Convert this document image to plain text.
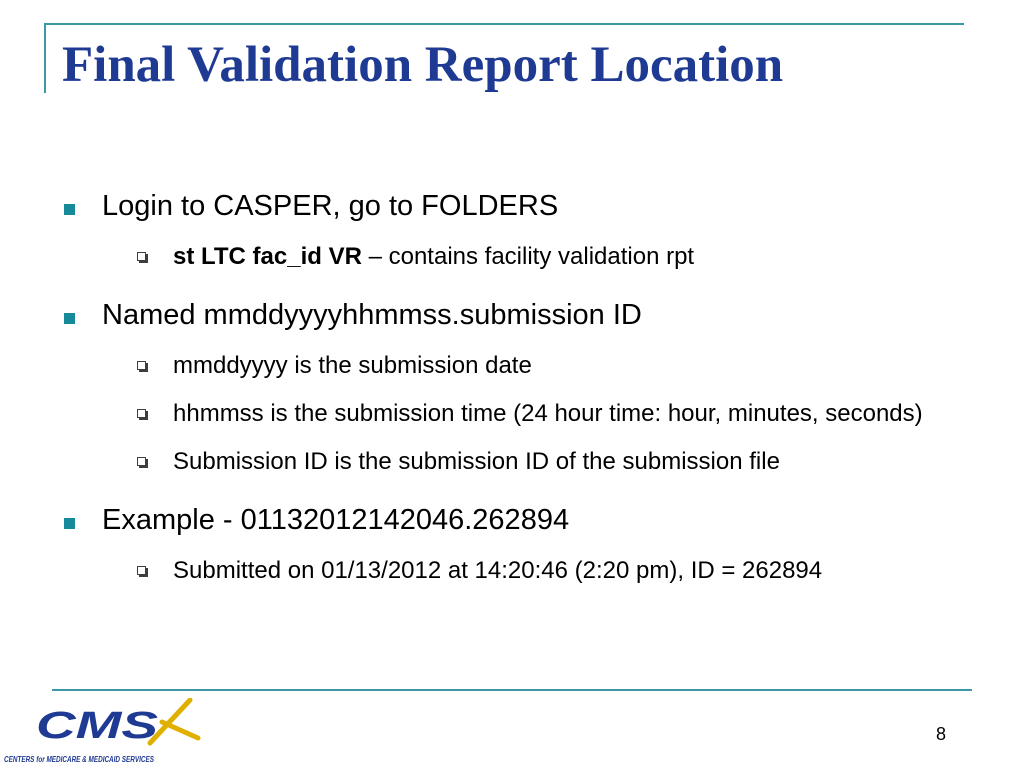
Final Validation Report Location
Login to CASPER, go to FOLDERS
st LTC fac_id VR – contains facility validation rpt
Named mmddyyyyhhmmss.submission ID
mmddyyyy is the submission date
hhmmss is the submission time (24 hour time: hour, minutes, seconds)
Submission ID is the submission ID of the submission file
Example - 01132012142046.262894
Submitted on 01/13/2012 at 14:20:46 (2:20 pm), ID = 262894
CMS
CENTERS for MEDICARE & MEDICAID SERVICES
8
